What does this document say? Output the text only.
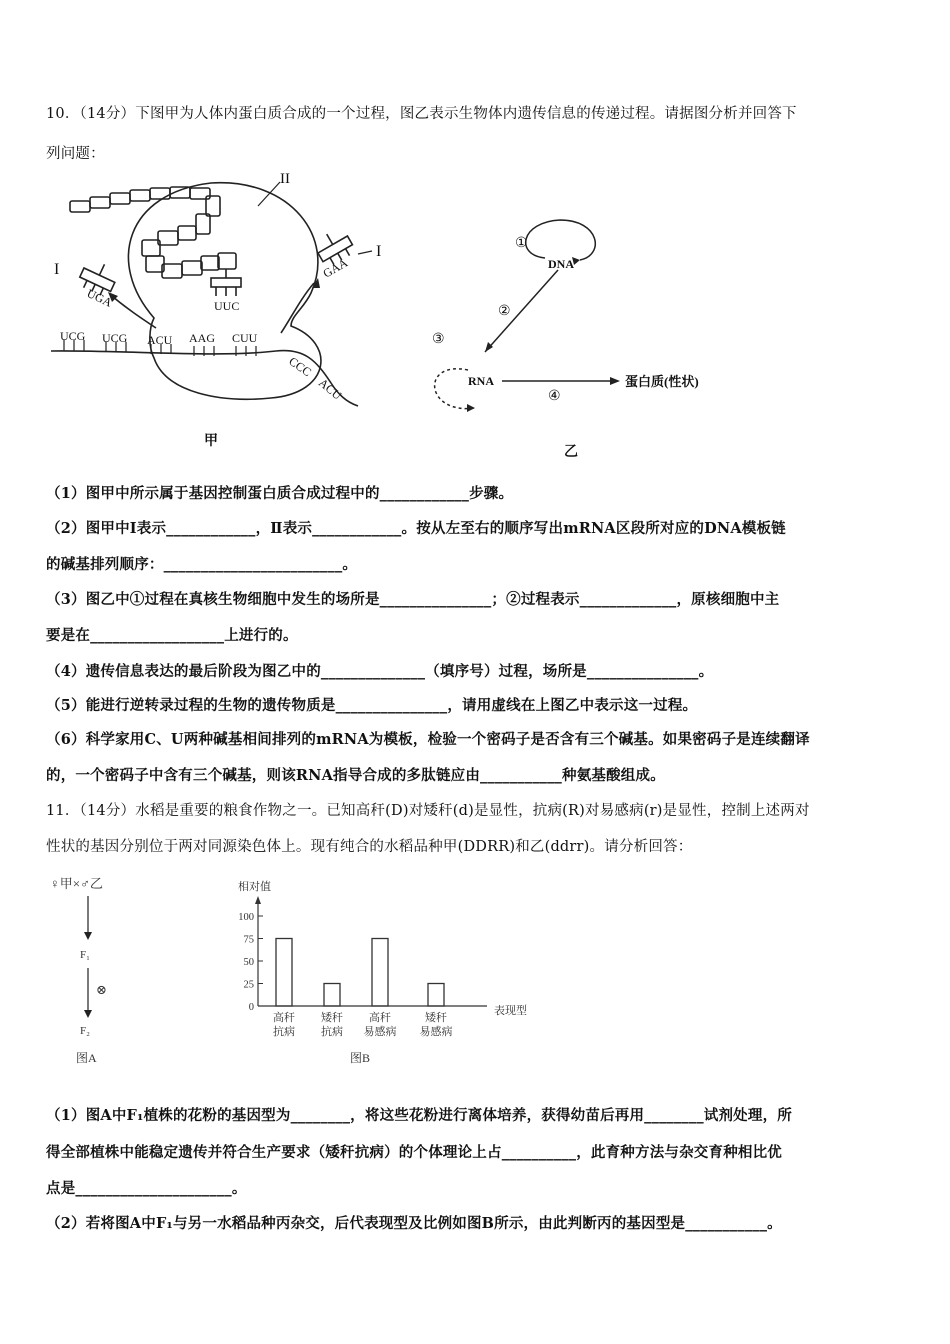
10．（14分）下图甲为人体内蛋白质合成的一个过程，图乙表示生物体内遗传信息的传递过程。请据图分析并回答下
列问题：
I
I
II
UGA	UUC
GAA
UCG UCG ACU AAG CUU
CCC
ACU
甲
①
DNA
②
③
RNA
④
蛋白质(性状)
乙
（1）图甲中所示属于基因控制蛋白质合成过程中的____________步骤。
（2）图甲中Ⅰ表示____________，Ⅱ表示____________。按从左至右的顺序写出mRNA区段所对应的DNA模板链
的碱基排列顺序：________________________。
（3）图乙中①过程在真核生物细胞中发生的场所是_______________；②过程表示_____________，原核细胞中主
要是在__________________上进行的。
（4）遗传信息表达的最后阶段为图乙中的______________（填序号）过程，场所是_______________。
（5）能进行逆转录过程的生物的遗传物质是_______________，请用虚线在上图乙中表示这一过程。
（6）科学家用C、U两种碱基相间排列的mRNA为模板，检验一个密码子是否含有三个碱基。如果密码子是连续翻译
的，一个密码子中含有三个碱基，则该RNA指导合成的多肽链应由___________种氨基酸组成。
11．（14分）水稻是重要的粮食作物之一。已知高秆(D)对矮秆(d)是显性，抗病(R)对易感病(r)是显性，控制上述两对
性状的基因分别位于两对同源染色体上。现有纯合的水稻品种甲(DDRR)和乙(ddrr)。请分析回答：
♀甲×♂乙
F₁
⊗
F₂
图A
相对值
表现型
0
25
50
75
100
高秆
抗病
矮秆
抗病
高秆
易感病
矮秆
易感病
图B
（1）图A中F₁植株的花粉的基因型为________，将这些花粉进行离体培养，获得幼苗后再用________试剂处理，所
得全部植株中能稳定遗传并符合生产要求（矮秆抗病）的个体理论上占__________，此育种方法与杂交育种相比优
点是_____________________。
（2）若将图A中F₁与另一水稻品种丙杂交，后代表现型及比例如图B所示，由此判断丙的基因型是___________。
